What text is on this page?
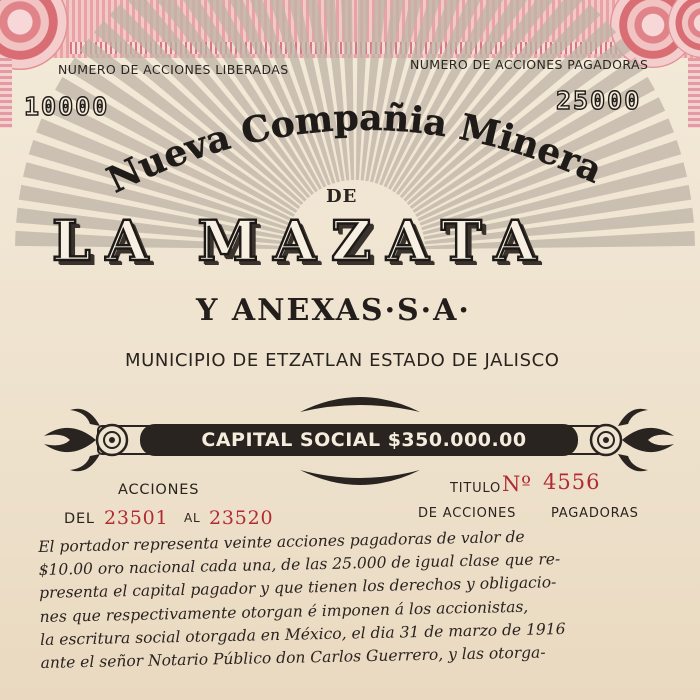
NUMERO DE ACCIONES LIBERADAS	NUMERO DE ACCIONES PAGADORAS
10000	25000
Nueva Compañia Minera
DE
LA MAZATA
Y ANEXAS·S·A·
MUNICIPIO DE ETZATLAN ESTADO DE JALISCO
CAPITAL SOCIAL $350.000.00
ACCIONES
DEL 23501 AL 23520
TITULO Nº 4556
DE ACCIONES	PAGADORAS
El portador representa veinte acciones pagadoras de valor de
$10.00 oro nacional cada una, de las 25.000 de igual clase que re-
presenta el capital pagador y que tienen los derechos y obligacio-
nes que respectivamente otorgan é imponen á los accionistas,
la escritura social otorgada en México, el dia 31 de marzo de 1916
ante el señor Notario Público don Carlos Guerrero, y las otorga-
